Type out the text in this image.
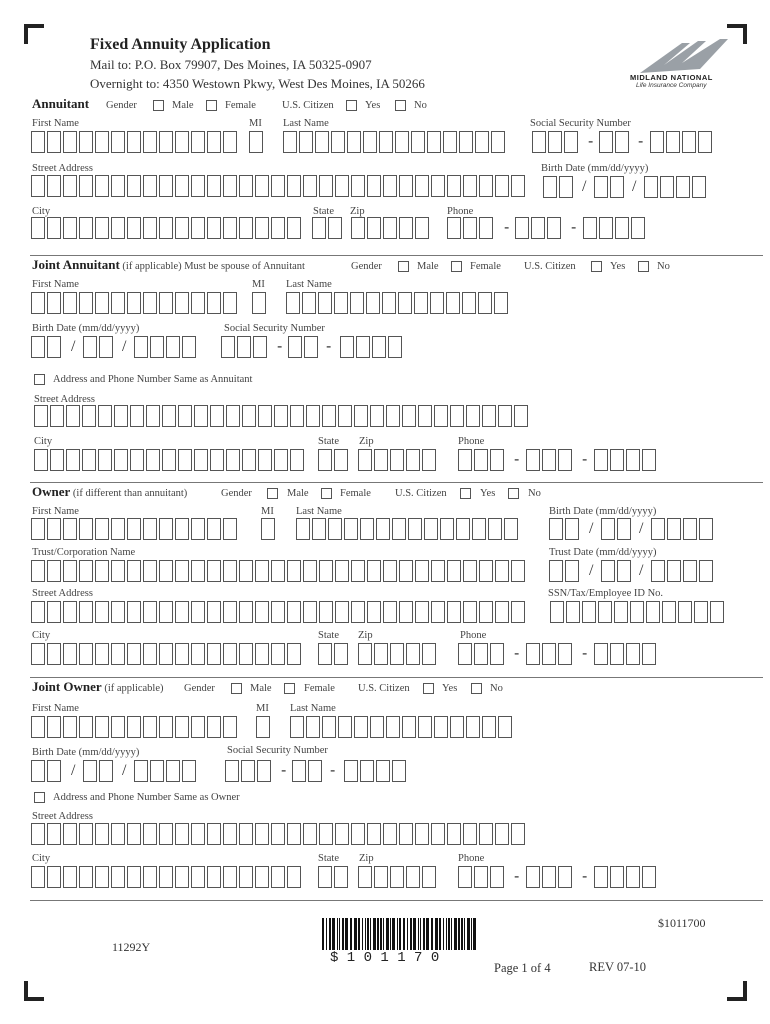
Fixed Annuity Application
Mail to: P.O. Box 79907, Des Moines, IA 50325-0907
Overnight to: 4350 Westown Pkwy, West Des Moines, IA 50266	MIDLAND NATIONAL
Life Insurance Company
Annuitant Gender	Male	Female U.S. Citizen	Yes	No
First Name	MI Last Name	Social Security Number
-	-
Street Address	Birth Date (mm/dd/yyyy)
/	/
City	State Zip	Phone
-	-
Joint Annuitant (if applicable) Must be spouse of Annuitant	Gender	Male	Female U.S. Citizen	Yes	No
First Name	MI Last Name
Birth Date (mm/dd/yyyy)	Social Security Number
/	/	-	-
Address and Phone Number Same as Annuitant
Street Address
City	State Zip	Phone
-	-
Owner (if different than annuitant)	Gender	Male	Female U.S. Citizen	Yes	No
First Name	MI Last Name	Birth Date (mm/dd/yyyy)
/	/
Trust/Corporation Name	Trust Date (mm/dd/yyyy)
/	/
Street Address	SSN/Tax/Employee ID No.
City	State Zip	Phone
-	-
Joint Owner (if applicable) Gender	Male	Female U.S. Citizen	Yes	No
First Name	MI Last Name
Birth Date (mm/dd/yyyy)	Social Security Number
/	/	-	-
Address and Phone Number Same as Owner
Street Address
City	State Zip	Phone
-	-
$1011700
11292Y
$ 1 0 1 1 7 0
Page 1 of 4	REV 07-10
